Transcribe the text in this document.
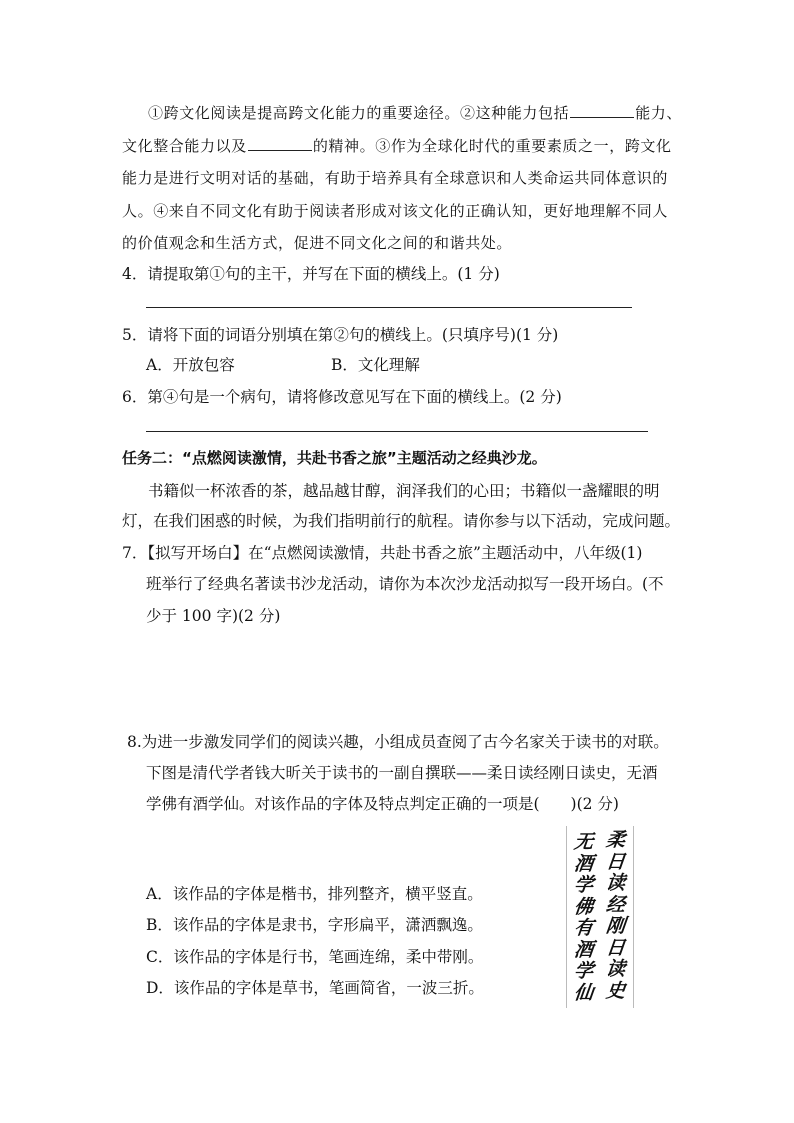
①跨文化阅读是提高跨文化能力的重要途径。②这种能力包括	能力、
文化整合能力以及	的精神。③作为全球化时代的重要素质之一，跨文化
能力是进行文明对话的基础，有助于培养具有全球意识和人类命运共同体意识的
人。④来自不同文化有助于阅读者形成对该文化的正确认知，更好地理解不同人
的价值观念和生活方式，促进不同文化之间的和谐共处。
4．请提取第①句的主干，并写在下面的横线上。(1 分)
5．请将下面的词语分别填在第②句的横线上。(只填序号)(1 分)
A．开放包容	B．文化理解
6．第④句是一个病句，请将修改意见写在下面的横线上。(2 分)
任务二：“点燃阅读激情，共赴书香之旅”主题活动之经典沙龙。
书籍似一杯浓香的茶，越品越甘醇，润泽我们的心田；书籍似一盏耀眼的明
灯，在我们困惑的时候，为我们指明前行的航程。请你参与以下活动，完成问题。
7．【拟写开场白】在“点燃阅读激情，共赴书香之旅”主题活动中，八年级(1)
班举行了经典名著读书沙龙活动，请你为本次沙龙活动拟写一段开场白。(不
少于 100 字)(2 分)
8.为进一步激发同学们的阅读兴趣，小组成员查阅了古今名家关于读书的对联。
下图是清代学者钱大昕关于读书的一副自撰联——柔日读经刚日读史，无酒
学佛有酒学仙。对该作品的字体及特点判定正确的一项是(　　)(2 分)
A．该作品的字体是楷书，排列整齐，横平竖直。
B．该作品的字体是隶书，字形扁平，潇洒飘逸。
C．该作品的字体是行书，笔画连绵，柔中带刚。
D．该作品的字体是草书，笔画简省，一波三折。
柔
日
读
经
刚
日
读
史
无
酒
学
佛
有
酒
学
仙
